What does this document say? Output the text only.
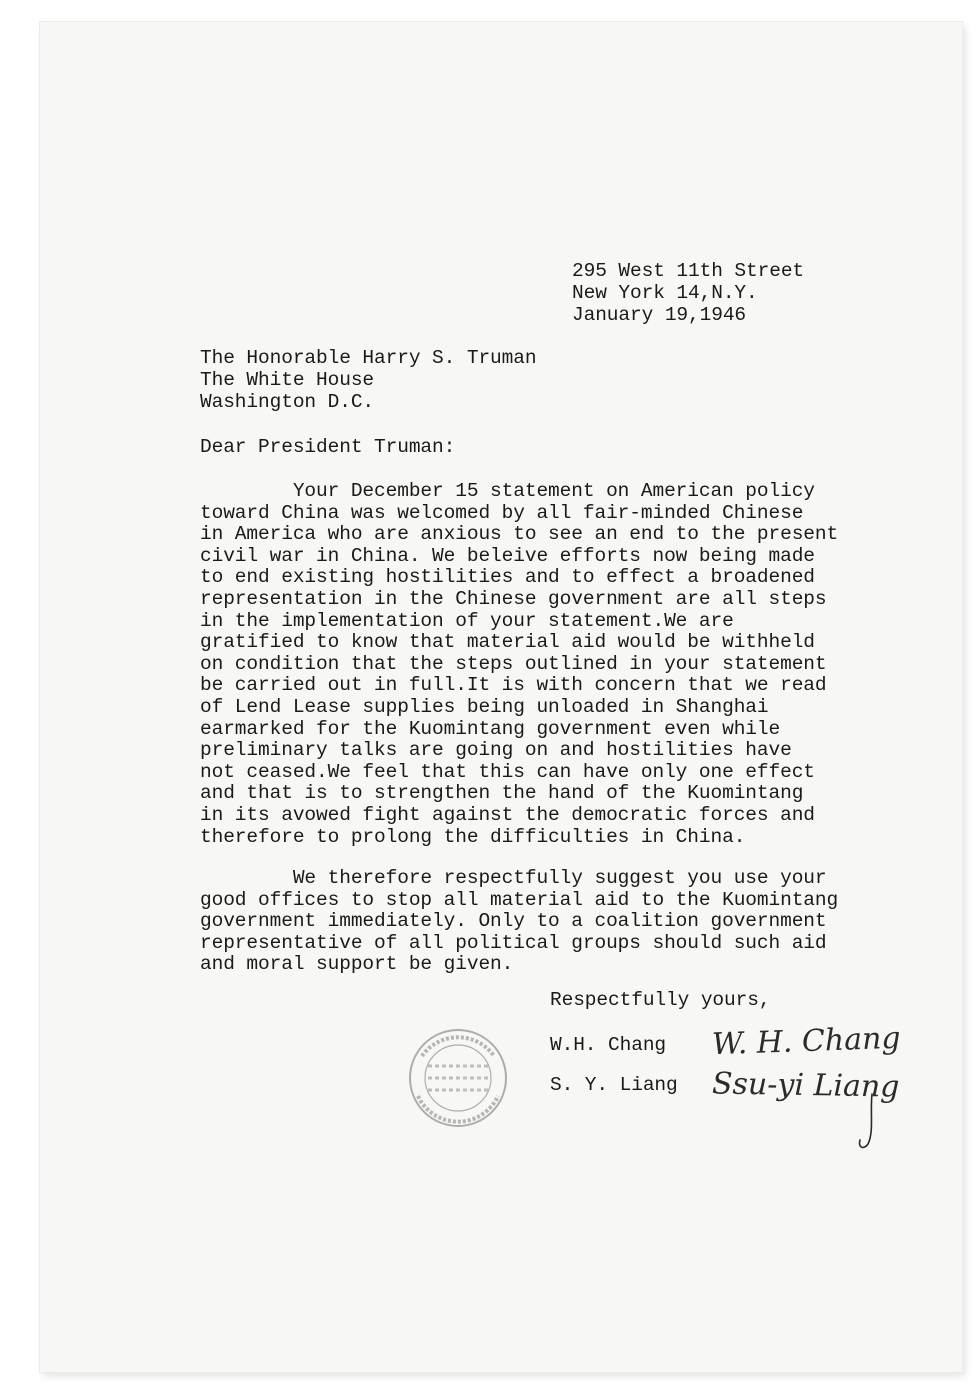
295 West 11th Street

New York 14,N.Y.

January 19,1946

The Honorable Harry S. Truman

The White House

Washington D.C.

Dear President Truman:

Your December 15 statement on American policy

toward China was welcomed by all fair-minded Chinese

in America who are anxious to see an end to the present

civil war in China. We beleive efforts now being made

to end existing hostilities and to effect a broadened

representation in the Chinese government are all steps

in the implementation of your statement.We are

gratified to know that material aid would be withheld

on condition that the steps outlined in your statement

be carried out in full.It is with concern that we read

of Lend Lease supplies being unloaded in Shanghai

earmarked for the Kuomintang government even while

preliminary talks are going on and hostilities have

not ceased.We feel that this can have only one effect

and that is to strengthen the hand of the Kuomintang

in its avowed fight against the democratic forces and

therefore to prolong the difficulties in China.

We therefore respectfully suggest you use your

good offices to stop all material aid to the Kuomintang

government immediately. Only to a coalition government

representative of all political groups should such aid

and moral support be given.

Respectfully yours,
W.H. Chang W. H. Chang
S. Y. Liang Ssu-yi Liang
